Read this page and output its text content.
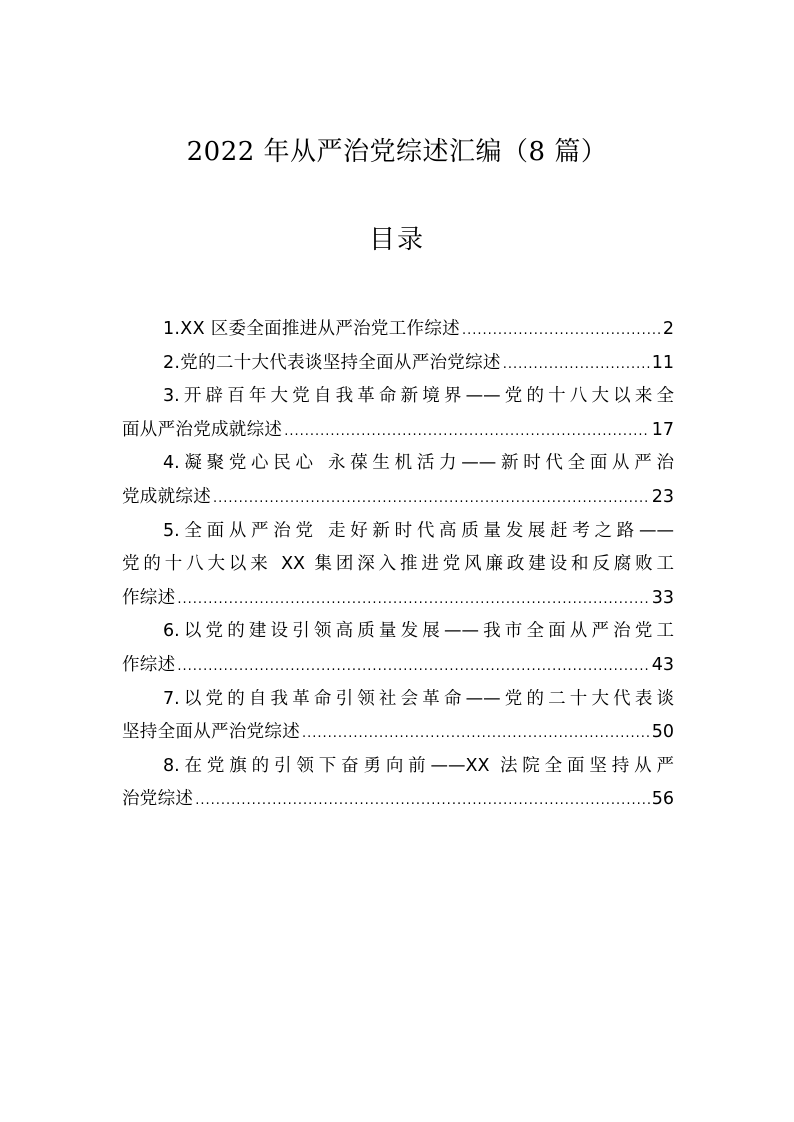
2022 年从严治党综述汇编（8 篇）
目录
1.XX 区委全面推进从严治党工作综述 .....	2
2.党的二十大代表谈坚持全面从严治党综述 .....	11
3.开辟百年大党自我革命新境界——党的十八大以来全
面从严治党成就综述 .....	17
4.凝聚党心民心 永葆生机活力——新时代全面从严治
党成就综述 .....	23
5.全面从严治党 走好新时代高质量发展赶考之路——
党的十八大以来 XX 集团深入推进党风廉政建设和反腐败工
作综述 .....	33
6.以党的建设引领高质量发展——我市全面从严治党工
作综述 .....	43
7.以党的自我革命引领社会革命——党的二十大代表谈
坚持全面从严治党综述 .....	50
8.在党旗的引领下奋勇向前——XX 法院全面坚持从严
治党综述 .....	56
